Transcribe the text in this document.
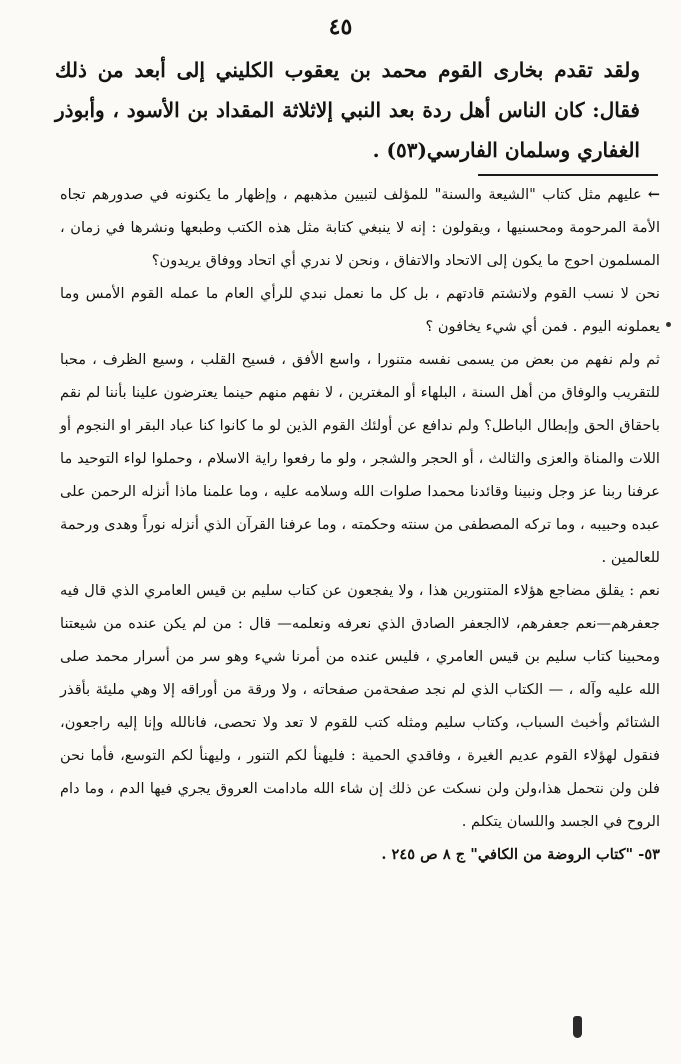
٤٥

ولقد تقدم بخارى القوم محمد بن يعقوب الكليني إلى أبعد من ذلك فقال: كان الناس أهل ردة بعد النبي إلاثلاثة المقداد بن الأسود ، وأبوذر الغفاري وسلمان الفارسي(٥٣) .

←عليهم مثل كتاب "الشيعة والسنة" للمؤلف لتبيين مذهبهم ، وإظهار ما يكنونه في صدورهم تجاه الأمة المرحومة ومحسنيها ، ويقولون : إنه لا ينبغي كتابة مثل هذه الكتب وطبعها ونشرها في زمان ، المسلمون احوج ما يكون إلى الاتحاد والاتفاق ، ونحن لا ندري أي اتحاد ووفاق يريدون؟

نحن لا نسب القوم ولانشتم قادتهم ، بل كل ما نعمل نبدي للرأي العام ما عمله القوم الأمس وما يعملونه اليوم . فمن أي شيء يخافون ؟

ثم ولم نفهم من بعض من يسمى نفسه متنورا ، واسع الأفق ، فسيح القلب ، وسيع الظرف ، محبا للتقريب والوفاق من أهل السنة ، البلهاء أو المغترين ، لا نفهم منهم حينما يعترضون علينا بأننا لم نقم باحقاق الحق وإبطال الباطل؟ ولم ندافع عن أولئك القوم الذين لو ما كانوا كنا عباد البقر او النجوم أو اللات والمناة والعزى والثالث ، أو الحجر والشجر ، ولو ما رفعوا راية الاسلام ، وحملوا لواء التوحيد ما عرفنا ربنا عز وجل ونبينا وقائدنا محمدا صلوات الله وسلامه عليه ، وما علمنا ماذا أنزله الرحمن على عبده وحبيبه ، وما تركه المصطفى من سنته وحكمته ، وما عرفنا القرآن الذي أنزله نوراً وهدى ورحمة للعالمين .

نعم : يقلق مضاجع هؤلاء المتنورين هذا ، ولا يفجعون عن كتاب سليم بن قيس العامري الذي قال فيه جعفرهم—نعم جعفرهم، لاالجعفر الصادق الذي نعرفه ونعلمه— قال : من لم يكن عنده من شيعتنا ومحبينا كتاب سليم بن قيس العامري ، فليس عنده من أمرنا شيء وهو سر من أسرار محمد صلى الله عليه وآله ، — الكتاب الذي لم نجد صفحةمن صفحاته ، ولا ورقة من أوراقه إلا وهي مليئة بأقذر الشتائم وأخبث السباب، وكتاب سليم ومثله كتب للقوم لا تعد ولا تحصى، فانالله وإنا إليه راجعون، فنقول لهؤلاء القوم عديم الغيرة ، وفاقدي الحمية : فليهنأ لكم التنور ، وليهنأ لكم التوسع، فأما نحن فلن ولن نتحمل هذا،ولن ولن نسكت عن ذلك إن شاء الله مادامت العروق يجري فيها الدم ، وما دام الروح في الجسد واللسان يتكلم .

٥٣- "كتاب الروضة من الكافي" ج ٨ ص ٢٤٥ .
